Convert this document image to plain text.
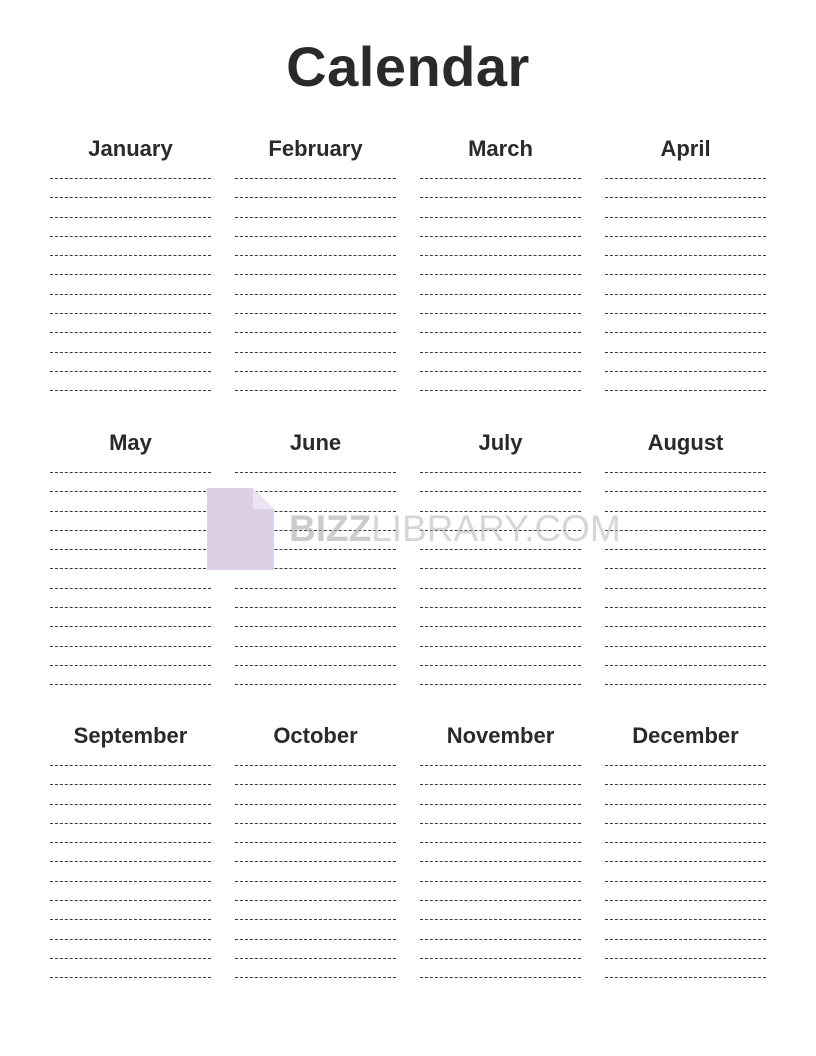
Calendar
January	February	March	April
May	June	July	August
September	October	November	December
BIZZLIBRARY.COM
